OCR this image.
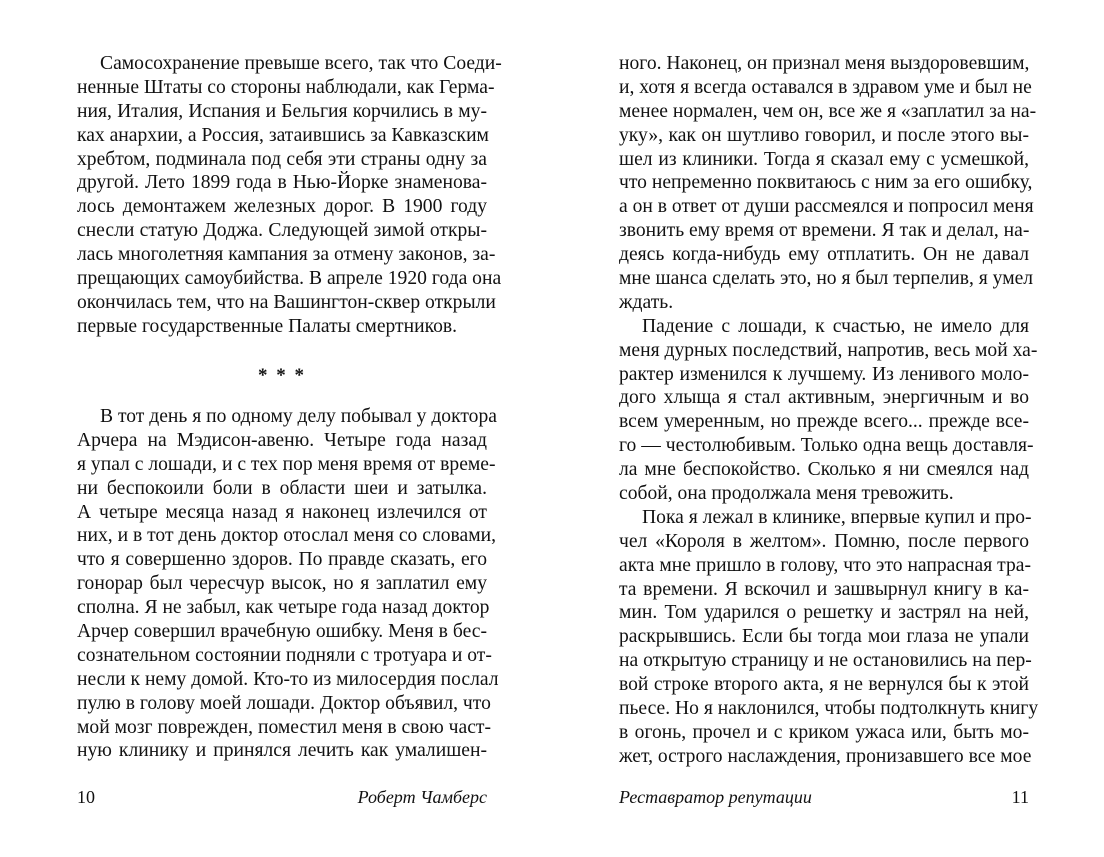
Самосохранение превыше всего, так что Соеди-
ненные Штаты со стороны наблюдали, как Герма-
ния, Италия, Испания и Бельгия корчились в му-
ках анархии, а Россия, затаившись за Кавказским
хребтом, подминала под себя эти страны одну за
другой. Лето 1899 года в Нью-Йорке знаменова-
лось демонтажем железных дорог. В 1900 году
снесли статую Доджа. Следующей зимой откры-
лась многолетняя кампания за отмену законов, за-
прещающих самоубийства. В апреле 1920 года она
окончилась тем, что на Вашингтон-сквер открыли
первые государственные Палаты смертников.
* * *
В тот день я по одному делу побывал у доктора
Арчера на Мэдисон-авеню. Четыре года назад
я упал с лошади, и с тех пор меня время от време-
ни беспокоили боли в области шеи и затылка.
А четыре месяца назад я наконец излечился от
них, и в тот день доктор отослал меня со словами,
что я совершенно здоров. По правде сказать, его
гонорар был чересчур высок, но я заплатил ему
сполна. Я не забыл, как четыре года назад доктор
Арчер совершил врачебную ошибку. Меня в бес-
сознательном состоянии подняли с тротуара и от-
несли к нему домой. Кто-то из милосердия послал
пулю в голову моей лошади. Доктор объявил, что
мой мозг поврежден, поместил меня в свою част-
ную клинику и принялся лечить как умалишен-
10	Роберт Чамберс
ного. Наконец, он признал меня выздоровевшим,
и, хотя я всегда оставался в здравом уме и был не
менее нормален, чем он, все же я «заплатил за на-
уку», как он шутливо говорил, и после этого вы-
шел из клиники. Тогда я сказал ему с усмешкой,
что непременно поквитаюсь с ним за его ошибку,
а он в ответ от души рассмеялся и попросил меня
звонить ему время от времени. Я так и делал, на-
деясь когда-нибудь ему отплатить. Он не давал
мне шанса сделать это, но я был терпелив, я умел
ждать.
Падение с лошади, к счастью, не имело для
меня дурных последствий, напротив, весь мой ха-
рактер изменился к лучшему. Из ленивого моло-
дого хлыща я стал активным, энергичным и во
всем умеренным, но прежде всего... прежде все-
го — честолюбивым. Только одна вещь доставля-
ла мне беспокойство. Сколько я ни смеялся над
собой, она продолжала меня тревожить.
Пока я лежал в клинике, впервые купил и про-
чел «Короля в желтом». Помню, после первого
акта мне пришло в голову, что это напрасная тра-
та времени. Я вскочил и зашвырнул книгу в ка-
мин. Том ударился о решетку и застрял на ней,
раскрывшись. Если бы тогда мои глаза не упали
на открытую страницу и не остановились на пер-
вой строке второго акта, я не вернулся бы к этой
пьесе. Но я наклонился, чтобы подтолкнуть книгу
в огонь, прочел и с криком ужаса или, быть мо-
жет, острого наслаждения, пронизавшего все мое
Реставратор репутации	11
